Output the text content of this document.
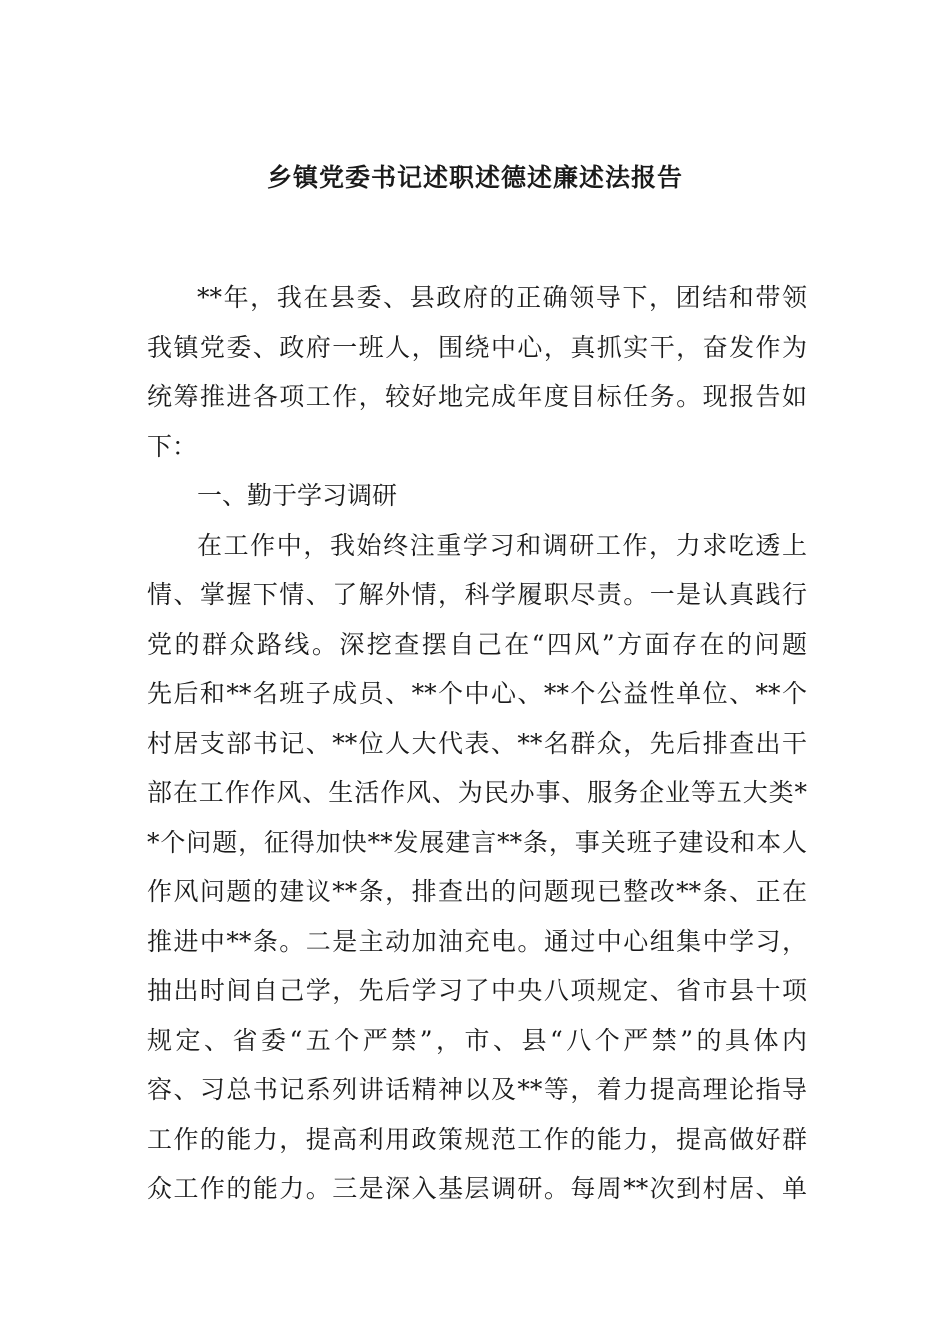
乡镇党委书记述职述德述廉述法报告
**年，我在县委、县政府的正确领导下，团结和带领
我镇党委、政府一班人，围绕中心，真抓实干，奋发作为
统筹推进各项工作，较好地完成年度目标任务。现报告如
下：
一、勤于学习调研
在工作中，我始终注重学习和调研工作，力求吃透上
情、掌握下情、了解外情，科学履职尽责。一是认真践行
党的群众路线。深挖查摆自己在“四风”方面存在的问题
先后和**名班子成员、**个中心、**个公益性单位、**个
村居支部书记、**位人大代表、**名群众，先后排查出干
部在工作作风、生活作风、为民办事、服务企业等五大类*
*个问题，征得加快**发展建言**条，事关班子建设和本人
作风问题的建议**条，排查出的问题现已整改**条、正在
推进中**条。二是主动加油充电。通过中心组集中学习，
抽出时间自己学，先后学习了中央八项规定、省市县十项
规定、省委“五个严禁”，市、县“八个严禁”的具体内
容、习总书记系列讲话精神以及**等，着力提高理论指导
工作的能力，提高利用政策规范工作的能力，提高做好群
众工作的能力。三是深入基层调研。每周**次到村居、单
